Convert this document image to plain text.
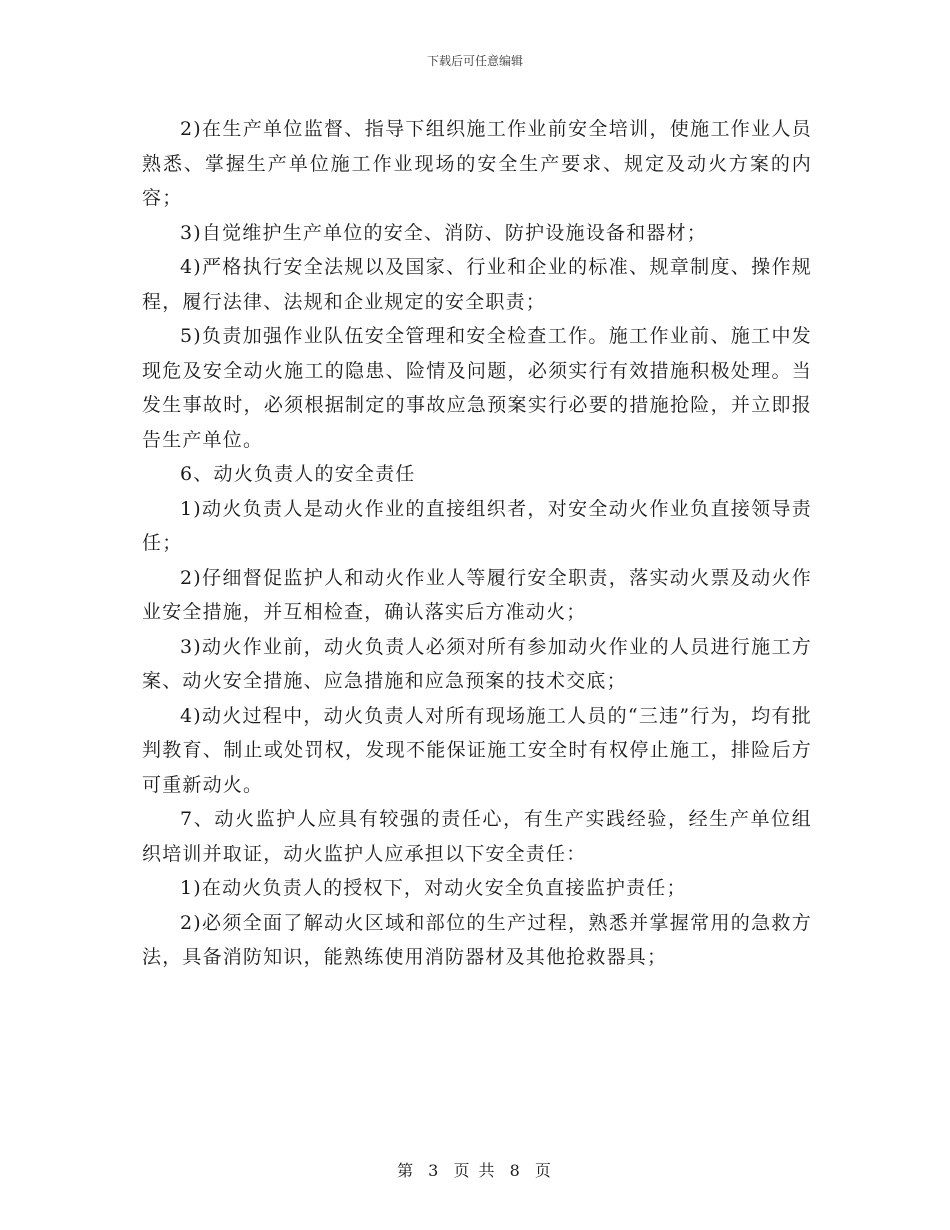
下载后可任意编辑

2)在生产单位监督、指导下组织施工作业前安全培训，使施工作业人员熟悉、掌握生产单位施工作业现场的安全生产要求、规定及动火方案的内容；

3)自觉维护生产单位的安全、消防、防护设施设备和器材；

4)严格执行安全法规以及国家、行业和企业的标准、规章制度、操作规程，履行法律、法规和企业规定的安全职责；

5)负责加强作业队伍安全管理和安全检查工作。施工作业前、施工中发现危及安全动火施工的隐患、险情及问题，必须实行有效措施积极处理。当发生事故时，必须根据制定的事故应急预案实行必要的措施抢险，并立即报告生产单位。

6、动火负责人的安全责任

1)动火负责人是动火作业的直接组织者，对安全动火作业负直接领导责任；

2)仔细督促监护人和动火作业人等履行安全职责，落实动火票及动火作业安全措施，并互相检查，确认落实后方准动火；

3)动火作业前，动火负责人必须对所有参加动火作业的人员进行施工方案、动火安全措施、应急措施和应急预案的技术交底；

4)动火过程中，动火负责人对所有现场施工人员的“三违”行为，均有批判教育、制止或处罚权，发现不能保证施工安全时有权停止施工，排险后方可重新动火。

7、动火监护人应具有较强的责任心，有生产实践经验，经生产单位组织培训并取证，动火监护人应承担以下安全责任：

1)在动火负责人的授权下，对动火安全负直接监护责任；

2)必须全面了解动火区域和部位的生产过程，熟悉并掌握常用的急救方法，具备消防知识，能熟练使用消防器材及其他抢救器具；

第 3 页 共 8 页
